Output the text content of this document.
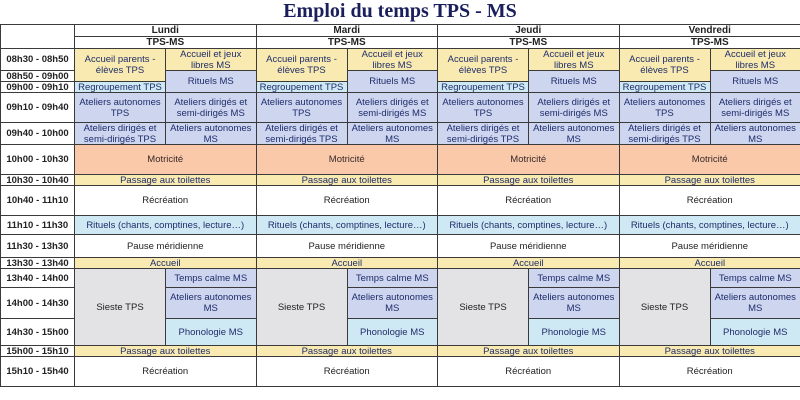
Emploi du temps TPS - MS
Lundi
TPS-MS
Mardi
TPS-MS
Jeudi
TPS-MS
Vendredi
TPS-MS
08h30 - 08h50
08h50 - 09h00
09h00 - 09h10
09h10 - 09h40
09h40 - 10h00
10h00 - 10h30
10h30 - 10h40
10h40 - 11h10
11h10 - 11h30
11h30 - 13h30
13h30 - 13h40
13h40 - 14h00
14h00 - 14h30
14h30 - 15h00
15h00 - 15h10
15h10 - 15h40
Accueil parents - élèves TPS
Accueil et jeux libres MS
Rituels MS
Regroupement TPS
Ateliers autonomes TPS
Ateliers dirigés et semi-dirigés MS
Ateliers dirigés et semi-dirigés TPS
Ateliers autonomes MS
Motricité
Passage aux toilettes
Récréation
Rituels (chants, comptines, lecture…)
Pause méridienne
Accueil
Sieste TPS
Temps calme MS
Ateliers autonomes MS
Phonologie MS
Passage aux toilettes
Récréation
Accueil parents - élèves TPS
Accueil et jeux libres MS
Rituels MS
Regroupement TPS
Ateliers autonomes TPS
Ateliers dirigés et semi-dirigés MS
Ateliers dirigés et semi-dirigés TPS
Ateliers autonomes MS
Motricité
Passage aux toilettes
Récréation
Rituels (chants, comptines, lecture…)
Pause méridienne
Accueil
Sieste TPS
Temps calme MS
Ateliers autonomes MS
Phonologie MS
Passage aux toilettes
Récréation
Accueil parents - élèves TPS
Accueil et jeux libres MS
Rituels MS
Regroupement TPS
Ateliers autonomes TPS
Ateliers dirigés et semi-dirigés MS
Ateliers dirigés et semi-dirigés TPS
Ateliers autonomes MS
Motricité
Passage aux toilettes
Récréation
Rituels (chants, comptines, lecture…)
Pause méridienne
Accueil
Sieste TPS
Temps calme MS
Ateliers autonomes MS
Phonologie MS
Passage aux toilettes
Récréation
Accueil parents - élèves TPS
Accueil et jeux libres MS
Rituels MS
Regroupement TPS
Ateliers autonomes TPS
Ateliers dirigés et semi-dirigés MS
Ateliers dirigés et semi-dirigés TPS
Ateliers autonomes MS
Motricité
Passage aux toilettes
Récréation
Rituels (chants, comptines, lecture…)
Pause méridienne
Accueil
Sieste TPS
Temps calme MS
Ateliers autonomes MS
Phonologie MS
Passage aux toilettes
Récréation
